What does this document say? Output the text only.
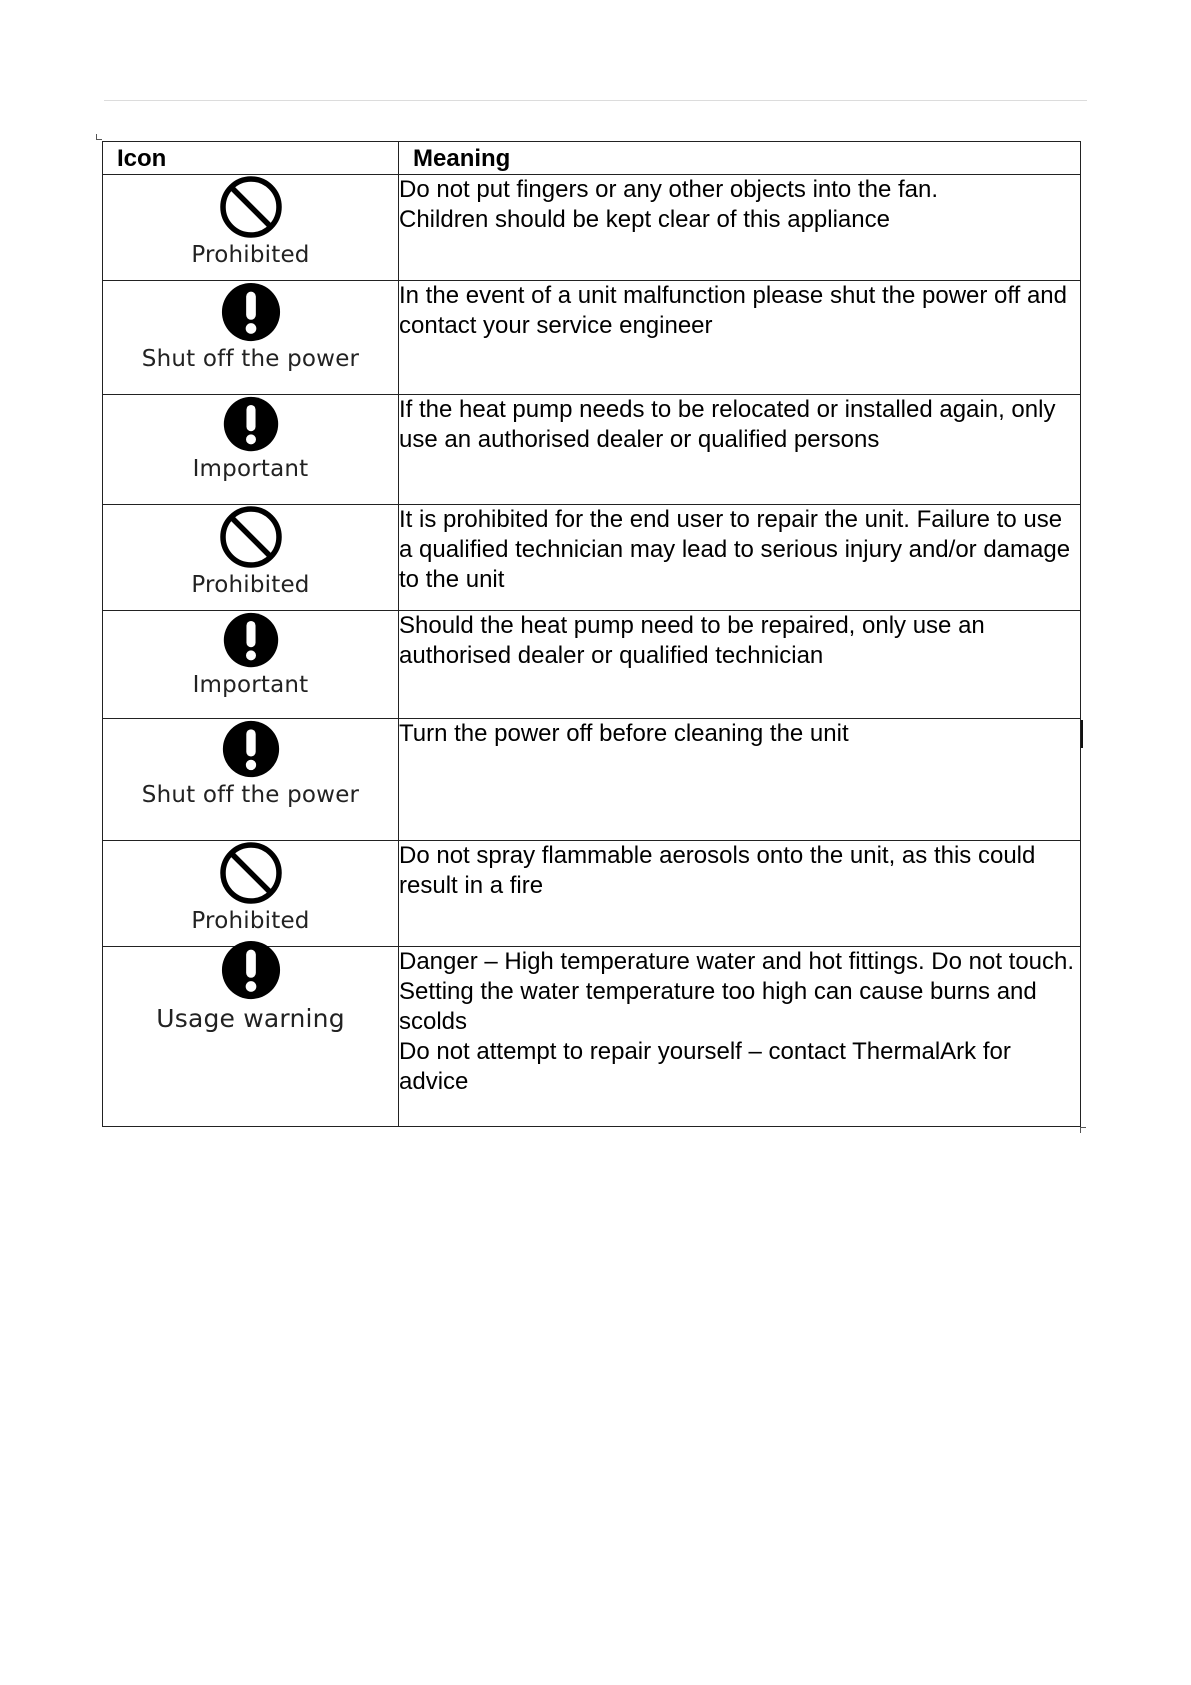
Icon	Meaning

Prohibited	Do not put fingers or any other objects into the fan.
Children should be kept clear of this appliance

Shut off the power	In the event of a unit malfunction please shut the power off and contact your service engineer

Important	If the heat pump needs to be relocated or installed again, only use an authorised dealer or qualified persons

Prohibited	It is prohibited for the end user to repair the unit. Failure to use a qualified technician may lead to serious injury and/or damage to the unit

Important	Should the heat pump need to be repaired, only use an authorised dealer or qualified technician

Shut off the power	Turn the power off before cleaning the unit

Prohibited	Do not spray flammable aerosols onto the unit, as this could result in a fire

Usage warning	Danger – High temperature water and hot fittings. Do not touch.
Setting the water temperature too high can cause burns and scolds
Do not attempt to repair yourself – contact ThermalArk for advice
